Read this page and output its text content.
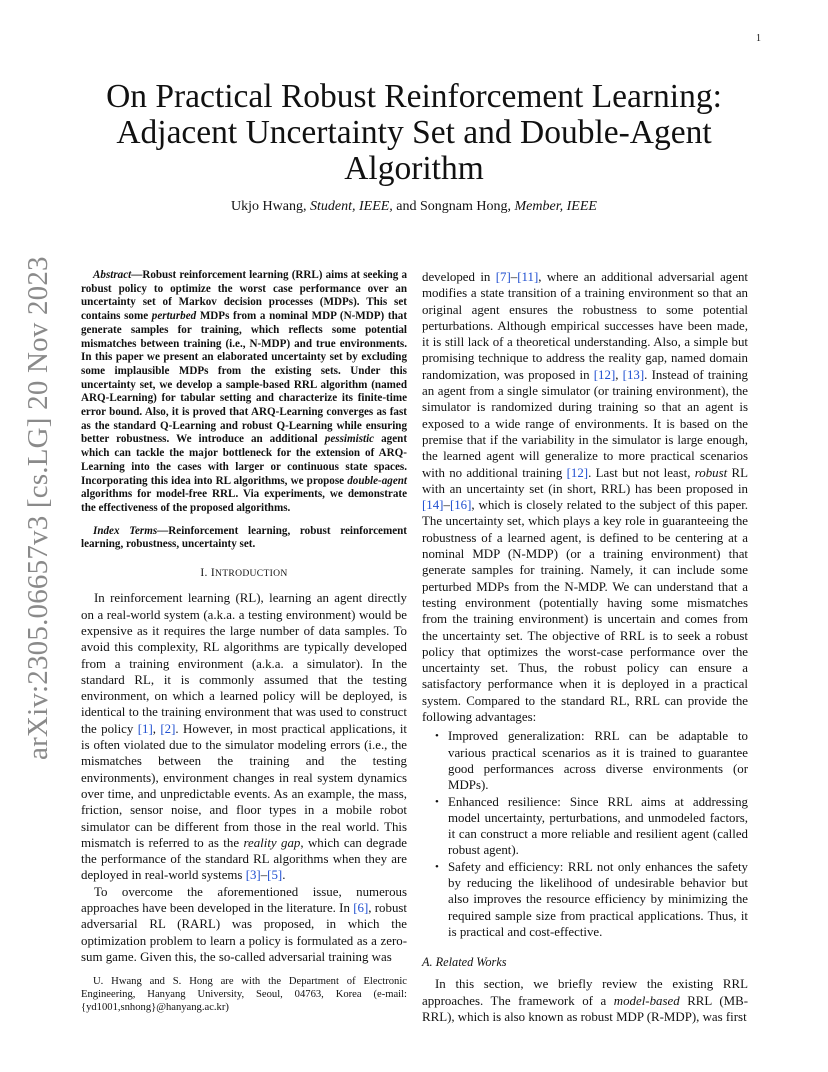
1
arXiv:2305.06657v3 [cs.LG] 20 Nov 2023
On Practical Robust Reinforcement Learning: Adjacent Uncertainty Set and Double-Agent Algorithm
Ukjo Hwang, Student, IEEE, and Songnam Hong, Member, IEEE

Abstract—Robust reinforcement learning (RRL) aims at seeking a robust policy to optimize the worst case performance over an uncertainty set of Markov decision processes (MDPs). This set contains some perturbed MDPs from a nominal MDP (N-MDP) that generate samples for training, which reflects some potential mismatches between training (i.e., N-MDP) and true environments. In this paper we present an elaborated uncertainty set by excluding some implausible MDPs from the existing sets. Under this uncertainty set, we develop a sample-based RRL algorithm (named ARQ-Learning) for tabular setting and characterize its finite-time error bound. Also, it is proved that ARQ-Learning converges as fast as the standard Q-Learning and robust Q-Learning while ensuring better robustness. We introduce an additional pessimistic agent which can tackle the major bottleneck for the extension of ARQ-Learning into the cases with larger or continuous state spaces. Incorporating this idea into RL algorithms, we propose double-agent algorithms for model-free RRL. Via experiments, we demonstrate the effectiveness of the proposed algorithms.

Index Terms—Reinforcement learning, robust reinforcement learning, robustness, uncertainty set.

I. INTRODUCTION

In reinforcement learning (RL), learning an agent directly on a real-world system (a.k.a. a testing environment) would be expensive as it requires the large number of data samples. To avoid this complexity, RL algorithms are typically developed from a training environment (a.k.a. a simulator). In the standard RL, it is commonly assumed that the testing environment, on which a learned policy will be deployed, is identical to the training environment that was used to construct the policy [1], [2]. However, in most practical applications, it is often violated due to the simulator modeling errors (i.e., the mismatches between the training and the testing environments), environment changes in real system dynamics over time, and unpredictable events. As an example, the mass, friction, sensor noise, and floor types in a mobile robot simulator can be different from those in the real world. This mismatch is referred to as the reality gap, which can degrade the performance of the standard RL algorithms when they are deployed in real-world systems [3]–[5].

To overcome the aforementioned issue, numerous approaches have been developed in the literature. In [6], robust adversarial RL (RARL) was proposed, in which the optimization problem to learn a policy is formulated as a zero-sum game. Given this, the so-called adversarial training was

developed in [7]–[11], where an additional adversarial agent modifies a state transition of a training environment so that an original agent ensures the robustness to some potential perturbations. Although empirical successes have been made, it is still lack of a theoretical understanding. Also, a simple but promising technique to address the reality gap, named domain randomization, was proposed in [12], [13]. Instead of training an agent from a single simulator (or training environment), the simulator is randomized during training so that an agent is exposed to a wide range of environments. It is based on the premise that if the variability in the simulator is large enough, the learned agent will generalize to more practical scenarios with no additional training [12]. Last but not least, robust RL with an uncertainty set (in short, RRL) has been proposed in [14]–[16], which is closely related to the subject of this paper. The uncertainty set, which plays a key role in guaranteeing the robustness of a learned agent, is defined to be centering at a nominal MDP (N-MDP) (or a training environment) that generate samples for training. Namely, it can include some perturbed MDPs from the N-MDP. We can understand that a testing environment (potentially having some mismatches from the training environment) is uncertain and comes from the uncertainty set. The objective of RRL is to seek a robust policy that optimizes the worst-case performance over the uncertainty set. Thus, the robust policy can ensure a satisfactory performance when it is deployed in a practical system. Compared to the standard RL, RRL can provide the following advantages:

• Improved generalization: RRL can be adaptable to various practical scenarios as it is trained to guarantee good performances across diverse environments (or MDPs).
• Enhanced resilience: Since RRL aims at addressing model uncertainty, perturbations, and unmodeled factors, it can construct a more reliable and resilient agent (called robust agent).
• Safety and efficiency: RRL not only enhances the safety by reducing the likelihood of undesirable behavior but also improves the resource efficiency by minimizing the required sample size from practical applications. Thus, it is practical and cost-effective.
A. Related Works

In this section, we briefly review the existing RRL approaches. The framework of a model-based RRL (MB-RRL), which is also known as robust MDP (R-MDP), was first

U. Hwang and S. Hong are with the Department of Electronic Engineering, Hanyang University, Seoul, 04763, Korea (e-mail: {yd1001,snhong}@hanyang.ac.kr)
